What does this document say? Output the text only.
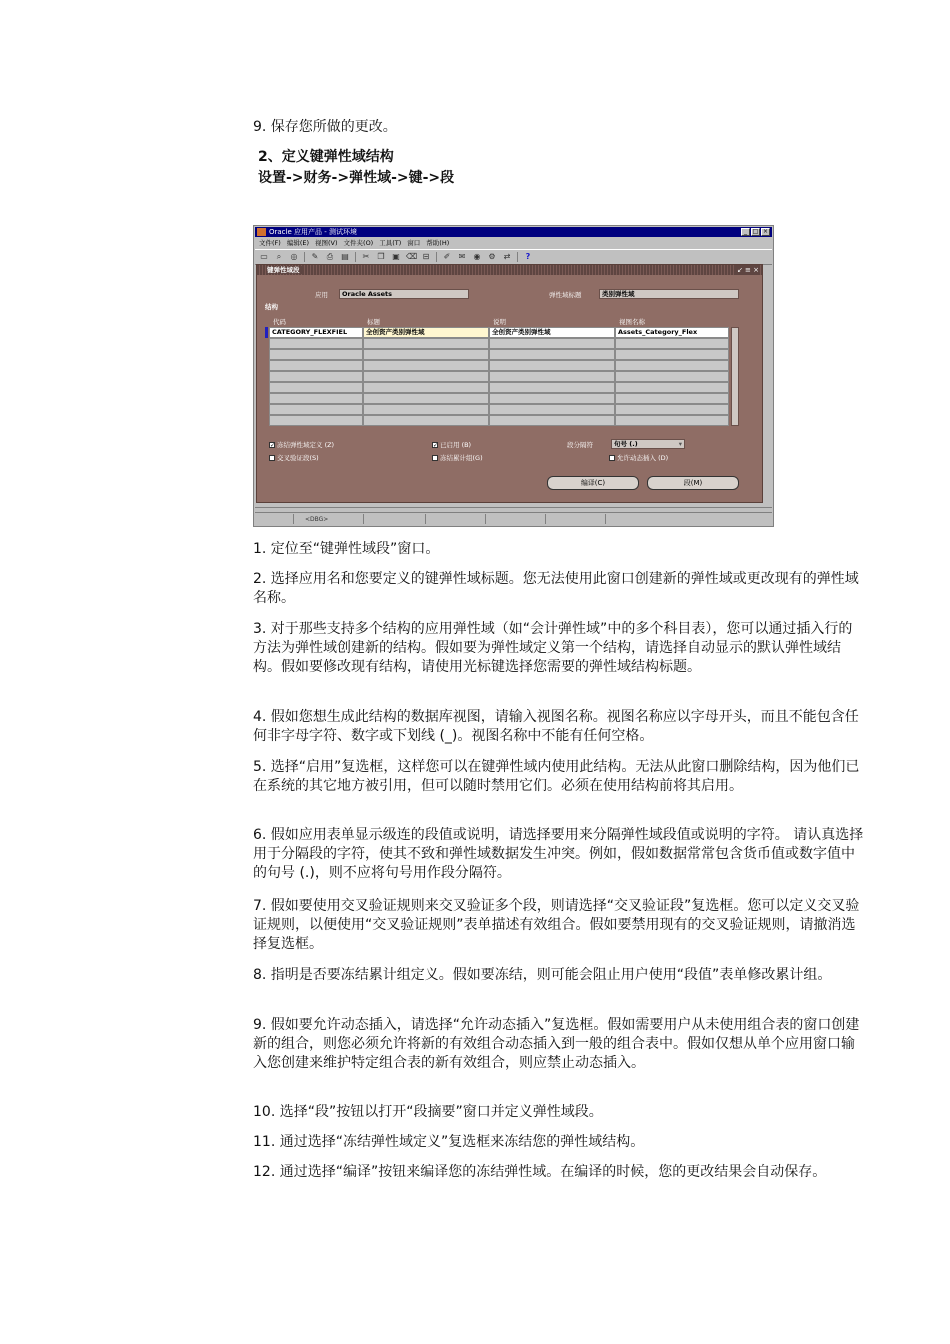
9. 保存您所做的更改。

2、定义键弹性域结构
设置->财务->弹性域->键->段
Oracle 应用产品 - 测试环境	_ □ ×
文件(F) 编辑(E) 视图(V) 文件夹(O) 工具(T) 窗口 帮助(H)
▭	⌕	◎ ✎ ⎙ ▤ ✂ ❐ ▣ ⌫ ⊟ ✐ ✉ ◉ ⚙ ⇄	?
键弹性域段	↙ ≡ ×
应用	Oracle Assets	弹性域标题	类别弹性域
结构
代码	标题	说明	视图名称
CATEGORY_FLEXFIEL	全创资产类别弹性域	全创资产类别弹性域	Assets_Category_Flex
✓ 冻结弹性域定义 (Z)	✓ 已启用 (B)	段分隔符	句号 (.)	▾
交叉验证段(S)	冻结累计组(G)	允许动态插入 (D)
编译(C)	段(M)
<DBG>

1. 定位至“键弹性域段”窗口。

2. 选择应用名和您要定义的键弹性域标题。您无法使用此窗口创建新的弹性域或更改现有的弹性域名称。

3. 对于那些支持多个结构的应用弹性域（如“会计弹性域”中的多个科目表），您可以通过插入行的方法为弹性域创建新的结构。假如要为弹性域定义第一个结构，请选择自动显示的默认弹性域结构。假如要修改现有结构，请使用光标键选择您需要的弹性域结构标题。

4. 假如您想生成此结构的数据库视图，请输入视图名称。视图名称应以字母开头，而且不能包含任何非字母字符、数字或下划线 (_)。视图名称中不能有任何空格。

5. 选择“启用”复选框，这样您可以在键弹性域内使用此结构。无法从此窗口删除结构，因为他们已在系统的其它地方被引用，但可以随时禁用它们。必须在使用结构前将其启用。

6. 假如应用表单显示级连的段值或说明，请选择要用来分隔弹性域段值或说明的字符。 请认真选择用于分隔段的字符，使其不致和弹性域数据发生冲突。例如，假如数据常常包含货币值或数字值中的句号 (.)，则不应将句号用作段分隔符。

7. 假如要使用交叉验证规则来交叉验证多个段，则请选择“交叉验证段”复选框。您可以定义交叉验证规则，以便使用“交叉验证规则”表单描述有效组合。假如要禁用现有的交叉验证规则，请撤消选择复选框。

8. 指明是否要冻结累计组定义。假如要冻结，则可能会阻止用户使用“段值”表单修改累计组。

9. 假如要允许动态插入，请选择“允许动态插入”复选框。假如需要用户从未使用组合表的窗口创建新的组合，则您必须允许将新的有效组合动态插入到一般的组合表中。假如仅想从单个应用窗口输入您创建来维护特定组合表的新有效组合，则应禁止动态插入。

10. 选择“段”按钮以打开“段摘要”窗口并定义弹性域段。

11. 通过选择“冻结弹性域定义”复选框来冻结您的弹性域结构。

12. 通过选择“编译”按钮来编译您的冻结弹性域。在编译的时候，您的更改结果会自动保存。
